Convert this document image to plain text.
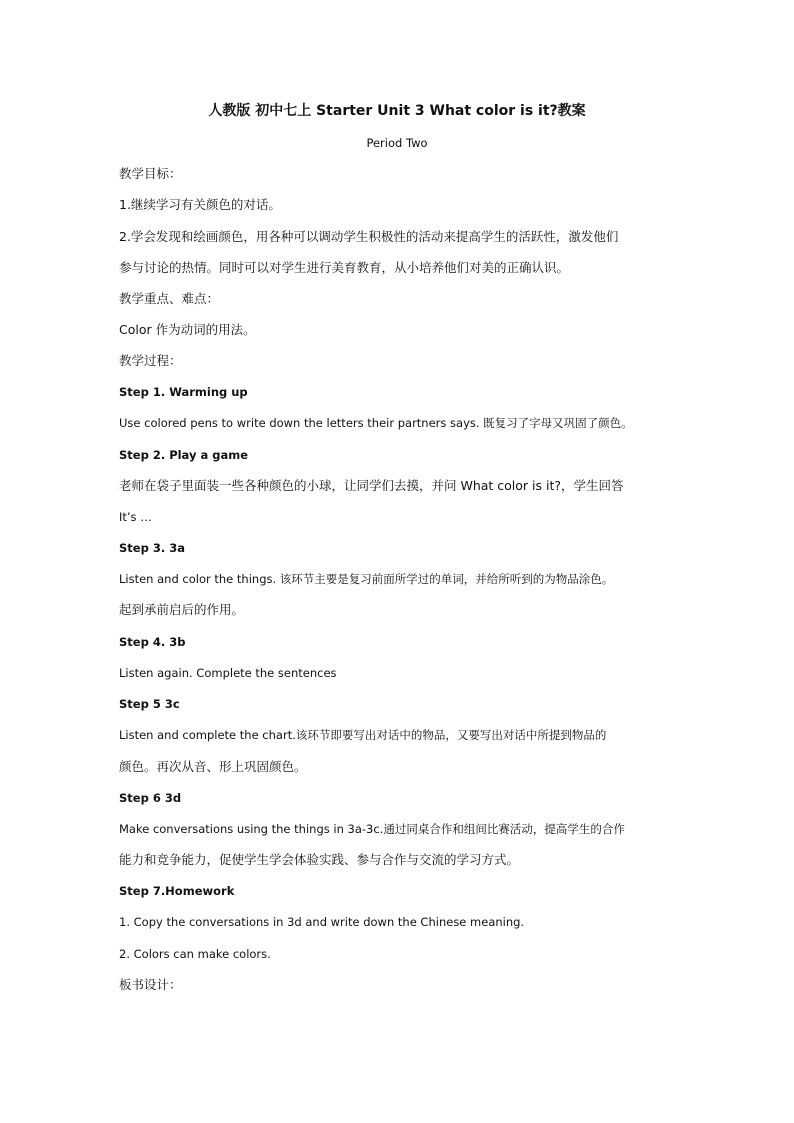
人教版 初中七上 Starter Unit 3 What color is it?教案
Period Two
教学目标：
1.继续学习有关颜色的对话。
2.学会发现和绘画颜色，用各种可以调动学生积极性的活动来提高学生的活跃性，激发他们
参与讨论的热情。同时可以对学生进行美育教育，从小培养他们对美的正确认识。
教学重点、难点：
Color 作为动词的用法。
教学过程：
Step 1. Warming up
Use colored pens to write down the letters their partners says. 既复习了字母又巩固了颜色。
Step 2. Play a game
老师在袋子里面装一些各种颜色的小球，让同学们去摸，并问 What color is it?，学生回答
It’s …
Step 3. 3a
Listen and color the things. 该环节主要是复习前面所学过的单词，并给所听到的为物品涂色。
起到承前启后的作用。
Step 4. 3b
Listen again. Complete the sentences
Step 5 3c
Listen and complete the chart.该环节即要写出对话中的物品，又要写出对话中所提到物品的
颜色。再次从音、形上巩固颜色。
Step 6 3d
Make conversations using the things in 3a-3c.通过同桌合作和组间比赛活动，提高学生的合作
能力和竞争能力，促使学生学会体验实践、参与合作与交流的学习方式。
Step 7.Homework
1. Copy the conversations in 3d and write down the Chinese meaning.
2. Colors can make colors.
板书设计：
